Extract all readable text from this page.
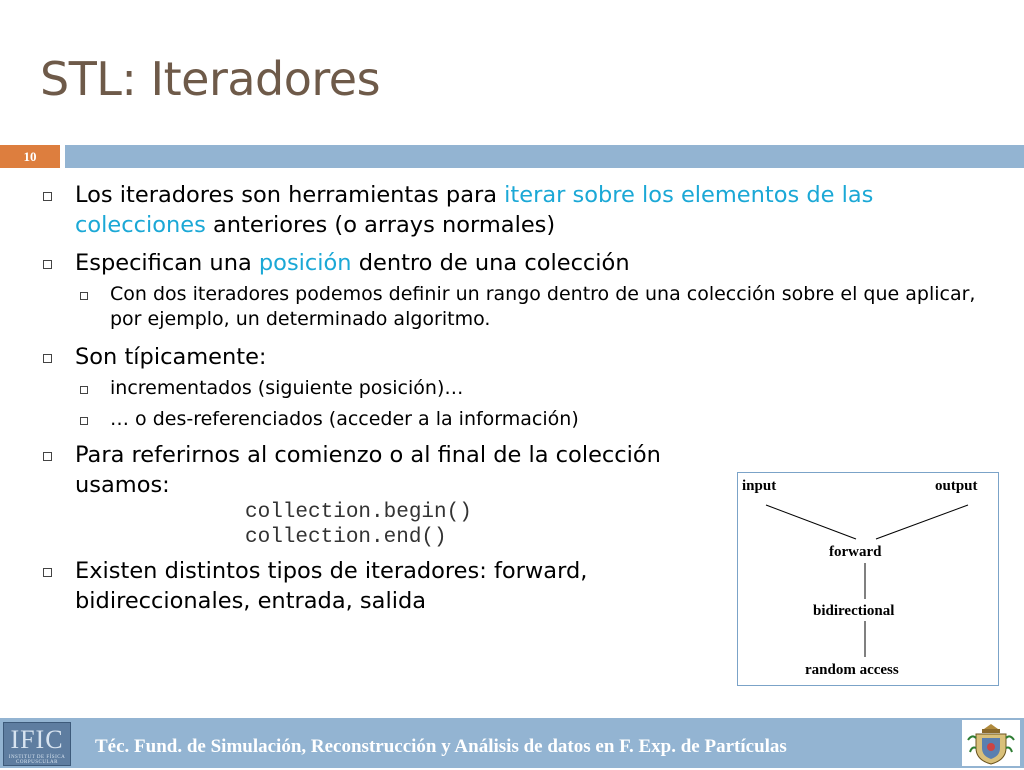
STL: Iteradores
10
Los iteradores son herramientas para iterar sobre los elementos de las colecciones anteriores (o arrays normales)
Especifican una posición dentro de una colección
Con dos iteradores podemos definir un rango dentro de una colección sobre el que aplicar, por ejemplo, un determinado algoritmo.
Son típicamente:
incrementados (siguiente posición)…
… o des-referenciados (acceder a la información)
Para referirnos al comienzo o al final de la colección usamos:
collection.begin()
collection.end()
Existen distintos tipos de iteradores: forward, bidireccionales, entrada, salida
input	output
forward
bidirectional
random access
IFIC
INSTITUT DE FÍSICA CORPUSCULAR
Téc. Fund. de Simulación, Reconstrucción y Análisis de datos en F. Exp. de Partículas
